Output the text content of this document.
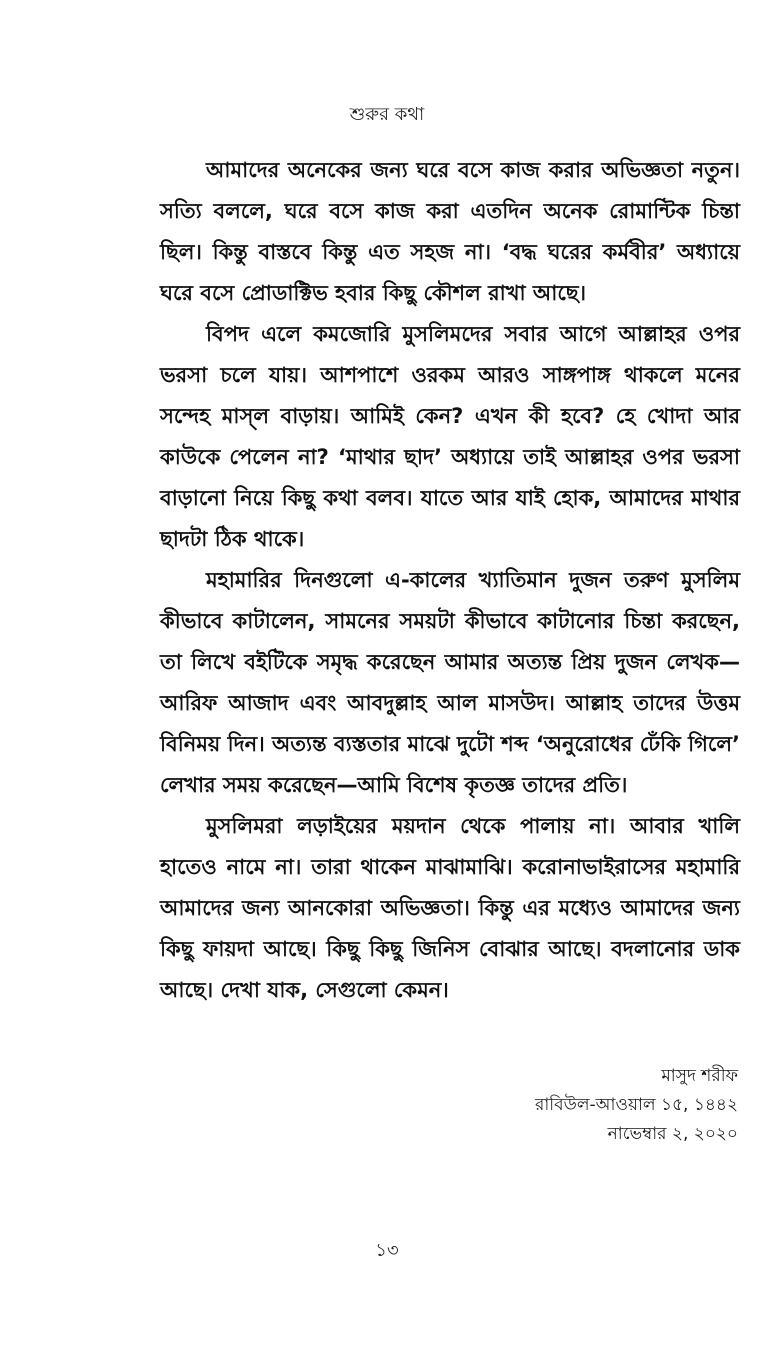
শুরুর কথা

আমাদের অনেকের জন্য ঘরে বসে কাজ করার অভিজ্ঞতা নতুন। সত্যি বললে, ঘরে বসে কাজ করা এতদিন অনেক রোমান্টিক চিন্তা ছিল। কিন্তু বাস্তবে কিন্তু এত সহজ না। ‘বদ্ধ ঘরের কর্মবীর’ অধ্যায়ে ঘরে বসে প্রোডাক্টিভ হবার কিছু কৌশল রাখা আছে।

বিপদ এলে কমজোরি মুসলিমদের সবার আগে আল্লাহর ওপর ভরসা চলে যায়। আশপাশে ওরকম আরও সাঙ্গপাঙ্গ থাকলে মনের সন্দেহ মাস্‌ল বাড়ায়। আমিই কেন? এখন কী হবে? হে খোদা আর কাউকে পেলেন না? ‘মাথার ছাদ’ অধ্যায়ে তাই আল্লাহর ওপর ভরসা বাড়ানো নিয়ে কিছু কথা বলব। যাতে আর যাই হোক, আমাদের মাথার ছাদটা ঠিক থাকে।

মহামারির দিনগুলো এ-কালের খ্যাতিমান দুজন তরুণ মুসলিম কীভাবে কাটালেন, সামনের সময়টা কীভাবে কাটানোর চিন্তা করছেন, তা লিখে বইটিকে সমৃদ্ধ করেছেন আমার অত্যন্ত প্রিয় দুজন লেখক—আরিফ আজাদ এবং আবদুল্লাহ আল মাসউদ। আল্লাহ তাদের উত্তম বিনিময় দিন। অত্যন্ত ব্যস্ততার মাঝে দুটো শব্দ ‘অনুরোধের ঢেঁকি গিলে’ লেখার সময় করেছেন—আমি বিশেষ কৃতজ্ঞ তাদের প্রতি।

মুসলিমরা লড়াইয়ের ময়দান থেকে পালায় না। আবার খালি হাতেও নামে না। তারা থাকেন মাঝামাঝি। করোনাভাইরাসের মহামারি আমাদের জন্য আনকোরা অভিজ্ঞতা। কিন্তু এর মধ্যেও আমাদের জন্য কিছু ফায়দা আছে। কিছু কিছু জিনিস বোঝার আছে। বদলানোর ডাক আছে। দেখা যাক, সেগুলো কেমন।

মাসুদ শরীফ
রাবিউল-আওয়াল ১৫, ১৪৪২
নাভেম্বার ২, ২০২০
১৩
